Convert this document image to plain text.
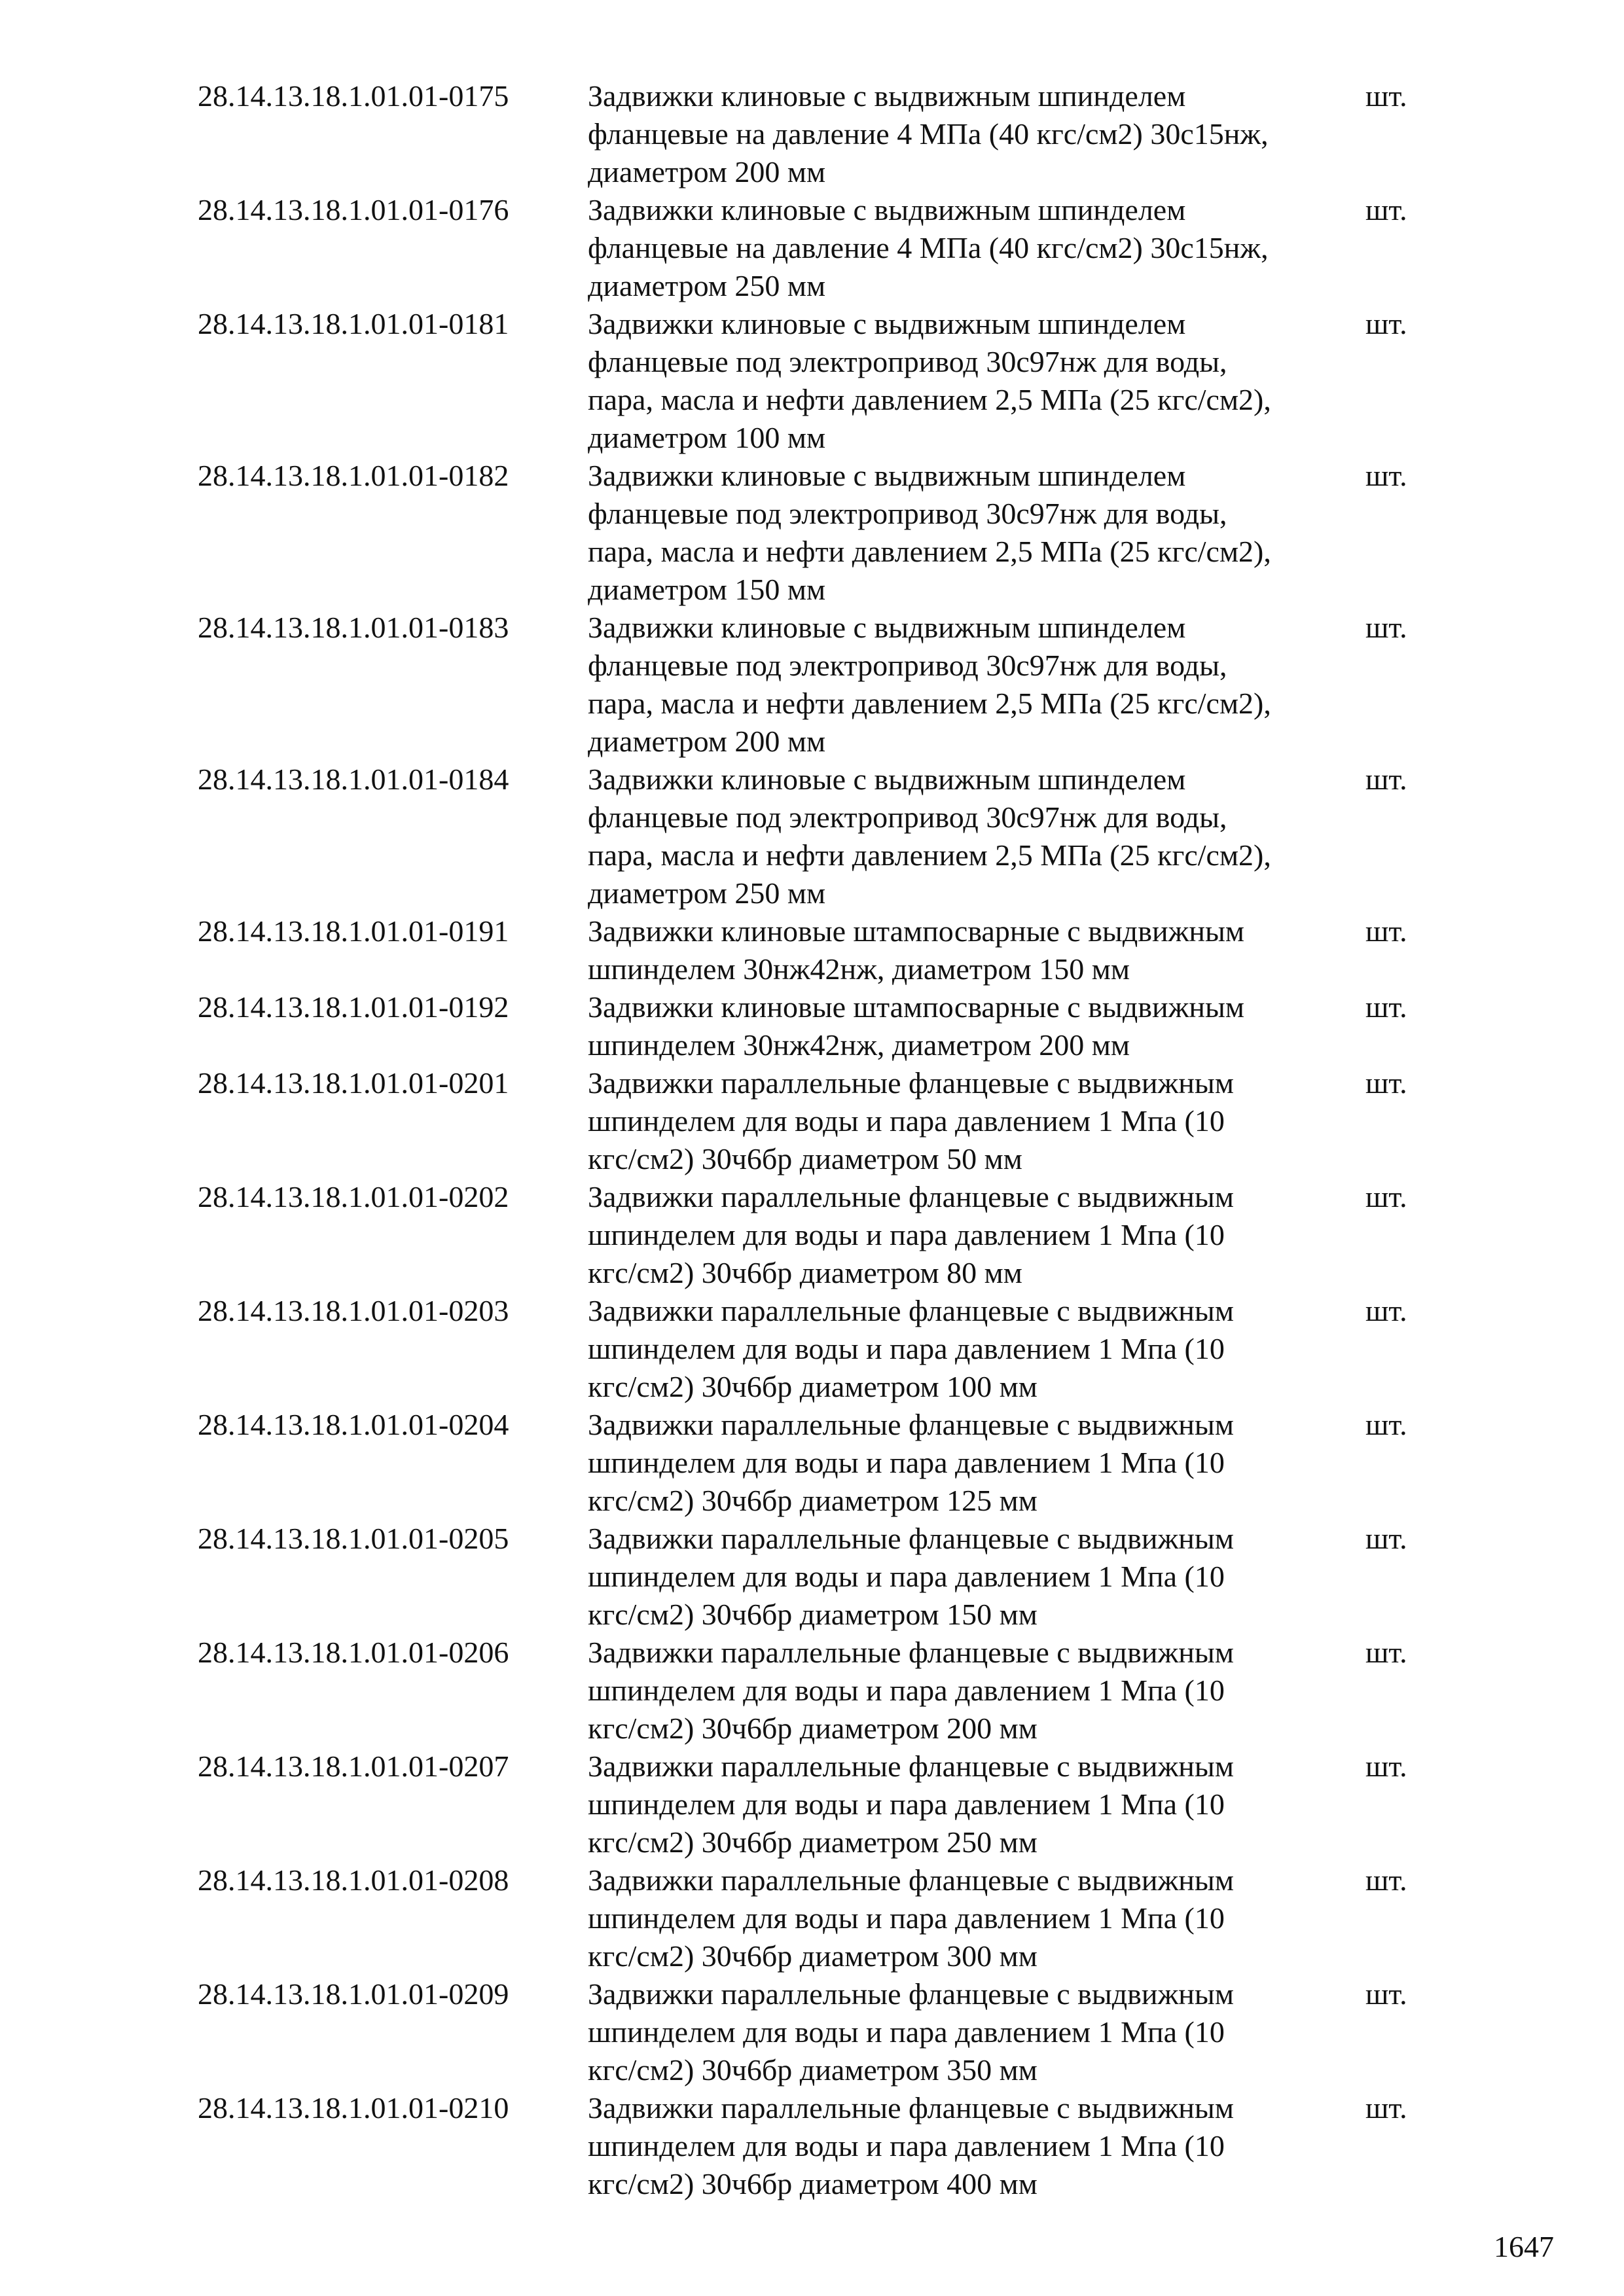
28.14.13.18.1.01.01-0175	Задвижки клиновые с выдвижным шпинделем
фланцевые на давление 4 МПа (40 кгс/см2) 30с15нж,
диаметром 200 мм
шт.
28.14.13.18.1.01.01-0176	Задвижки клиновые с выдвижным шпинделем
фланцевые на давление 4 МПа (40 кгс/см2) 30с15нж,
диаметром 250 мм
шт.
28.14.13.18.1.01.01-0181	Задвижки клиновые с выдвижным шпинделем
фланцевые под электропривод 30с97нж для воды,
пара, масла и нефти давлением 2,5 МПа (25 кгс/см2),
диаметром 100 мм
шт.
28.14.13.18.1.01.01-0182	Задвижки клиновые с выдвижным шпинделем
фланцевые под электропривод 30с97нж для воды,
пара, масла и нефти давлением 2,5 МПа (25 кгс/см2),
диаметром 150 мм
шт.
28.14.13.18.1.01.01-0183	Задвижки клиновые с выдвижным шпинделем
фланцевые под электропривод 30с97нж для воды,
пара, масла и нефти давлением 2,5 МПа (25 кгс/см2),
диаметром 200 мм
шт.
28.14.13.18.1.01.01-0184	Задвижки клиновые с выдвижным шпинделем
фланцевые под электропривод 30с97нж для воды,
пара, масла и нефти давлением 2,5 МПа (25 кгс/см2),
диаметром 250 мм
шт.
28.14.13.18.1.01.01-0191	Задвижки клиновые штампосварные с выдвижным
шпинделем 30нж42нж, диаметром 150 мм
шт.
28.14.13.18.1.01.01-0192	Задвижки клиновые штампосварные с выдвижным
шпинделем 30нж42нж, диаметром 200 мм
шт.
28.14.13.18.1.01.01-0201	Задвижки параллельные фланцевые с выдвижным
шпинделем для воды и пара давлением 1 Мпа (10
кгс/см2) 30ч6бр диаметром 50 мм
шт.
28.14.13.18.1.01.01-0202	Задвижки параллельные фланцевые с выдвижным
шпинделем для воды и пара давлением 1 Мпа (10
кгс/см2) 30ч6бр диаметром 80 мм
шт.
28.14.13.18.1.01.01-0203	Задвижки параллельные фланцевые с выдвижным
шпинделем для воды и пара давлением 1 Мпа (10
кгс/см2) 30ч6бр диаметром 100 мм
шт.
28.14.13.18.1.01.01-0204	Задвижки параллельные фланцевые с выдвижным
шпинделем для воды и пара давлением 1 Мпа (10
кгс/см2) 30ч6бр диаметром 125 мм
шт.
28.14.13.18.1.01.01-0205	Задвижки параллельные фланцевые с выдвижным
шпинделем для воды и пара давлением 1 Мпа (10
кгс/см2) 30ч6бр диаметром 150 мм
шт.
28.14.13.18.1.01.01-0206	Задвижки параллельные фланцевые с выдвижным
шпинделем для воды и пара давлением 1 Мпа (10
кгс/см2) 30ч6бр диаметром 200 мм
шт.
28.14.13.18.1.01.01-0207	Задвижки параллельные фланцевые с выдвижным
шпинделем для воды и пара давлением 1 Мпа (10
кгс/см2) 30ч6бр диаметром 250 мм
шт.
28.14.13.18.1.01.01-0208	Задвижки параллельные фланцевые с выдвижным
шпинделем для воды и пара давлением 1 Мпа (10
кгс/см2) 30ч6бр диаметром 300 мм
шт.
28.14.13.18.1.01.01-0209	Задвижки параллельные фланцевые с выдвижным
шпинделем для воды и пара давлением 1 Мпа (10
кгс/см2) 30ч6бр диаметром 350 мм
шт.
28.14.13.18.1.01.01-0210	Задвижки параллельные фланцевые с выдвижным
шпинделем для воды и пара давлением 1 Мпа (10
кгс/см2) 30ч6бр диаметром 400 мм
шт.
1647
